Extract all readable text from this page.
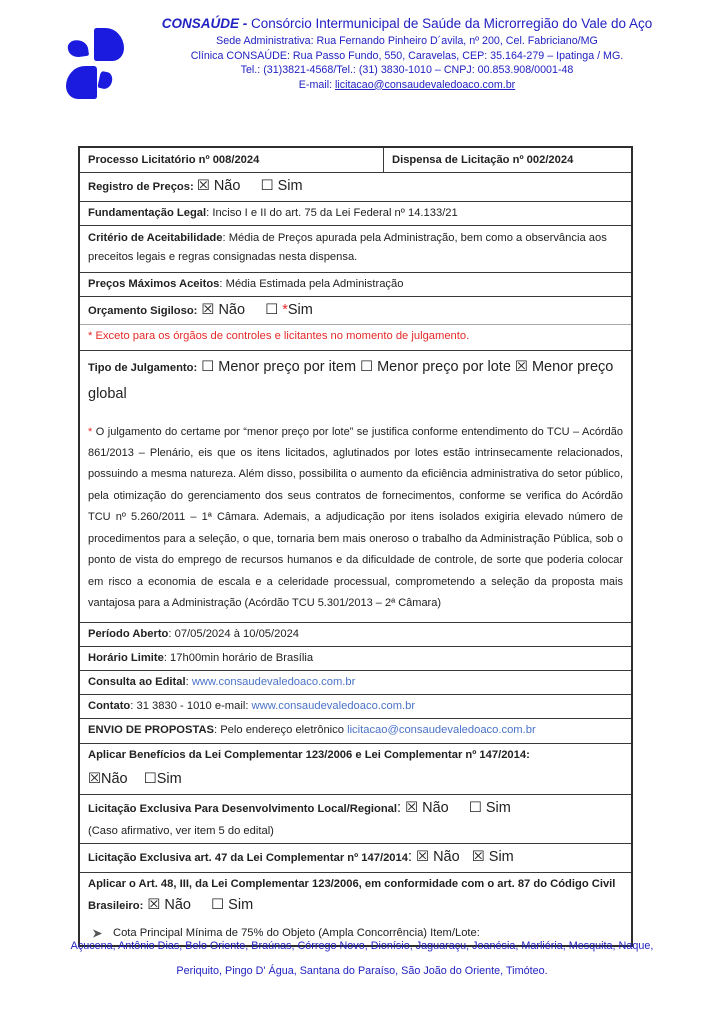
CONSAÚDE - Consórcio Intermunicipal de Saúde da Microrregião do Vale do Aço
Sede Administrativa: Rua Fernando Pinheiro D´avila, nº 200, Cel. Fabriciano/MG
Clínica CONSAÚDE: Rua Passo Fundo, 550, Caravelas, CEP: 35.164-279 – Ipatinga / MG.
Tel.: (31)3821-4568/Tel.: (31) 3830-1010 – CNPJ: 00.853.908/0001-48
E-mail: licitacao@consaudevaledoaco.com.br
Processo Licitatório nº 008/2024	Dispensa de Licitação nº 002/2024
Registro de Preços: ☒ Não     ☐ Sim
Fundamentação Legal: Inciso I e II do art. 75 da Lei Federal nº 14.133/21
Critério de Aceitabilidade: Média de Preços apurada pela Administração, bem como a observância aos preceitos legais e regras consignadas nesta dispensa.
Preços Máximos Aceitos: Média Estimada pela Administração
Orçamento Sigiloso: ☒ Não     ☐ *Sim
* Exceto para os órgãos de controles e licitantes no momento de julgamento.
Tipo de Julgamento: ☐ Menor preço por item ☐ Menor preço por lote ☒ Menor preço global

* O julgamento do certame por “menor preço por lote” se justifica conforme entendimento do TCU – Acórdão 861/2013 – Plenário, eis que os itens licitados, aglutinados por lotes estão intrinsecamente relacionados, possuindo a mesma natureza. Além disso, possibilita o aumento da eficiência administrativa do setor público, pela otimização do gerenciamento dos seus contratos de fornecimentos, conforme se verifica do Acórdão TCU nº 5.260/2011 – 1ª Câmara. Ademais, a adjudicação por itens isolados exigiria elevado número de procedimentos para a seleção, o que, tornaria bem mais oneroso o trabalho da Administração Pública, sob o ponto de vista do emprego de recursos humanos e da dificuldade de controle, de sorte que poderia colocar em risco a economia de escala e a celeridade processual, comprometendo a seleção da proposta mais vantajosa para a Administração (Acórdão TCU 5.301/2013 – 2ª Câmara)

Período Aberto: 07/05/2024 à 10/05/2024
Horário Limite: 17h00min horário de Brasília
Consulta ao Edital: www.consaudevaledoaco.com.br
Contato: 31 3830 - 1010 e-mail: www.consaudevaledoaco.com.br
ENVIO DE PROPOSTAS: Pelo endereço eletrônico licitacao@consaudevaledoaco.com.br
Aplicar Benefícios da Lei Complementar 123/2006 e Lei Complementar nº 147/2014:
☒Não    ☐Sim
Licitação Exclusiva Para Desenvolvimento Local/Regional: ☒ Não     ☐ Sim
(Caso afirmativo, ver item 5 do edital)
Licitação Exclusiva art. 47 da Lei Complementar nº 147/2014: ☒ Não   ☒ Sim
Aplicar o Art. 48, III, da Lei Complementar 123/2006, em conformidade com o art. 87 do Código Civil Brasileiro: ☒ Não     ☐ Sim
Cota Principal Mínima de 75% do Objeto (Ampla Concorrência) Item/Lote:
Açucena, Antônio Dias, Belo Oriente, Braúnas, Córrego Novo, Dionísio, Jaguaraçu, Joanésia, Marliéria, Mesquita, Naque,
Periquito, Pingo D' Água, Santana do Paraíso, São João do Oriente, Timóteo.
